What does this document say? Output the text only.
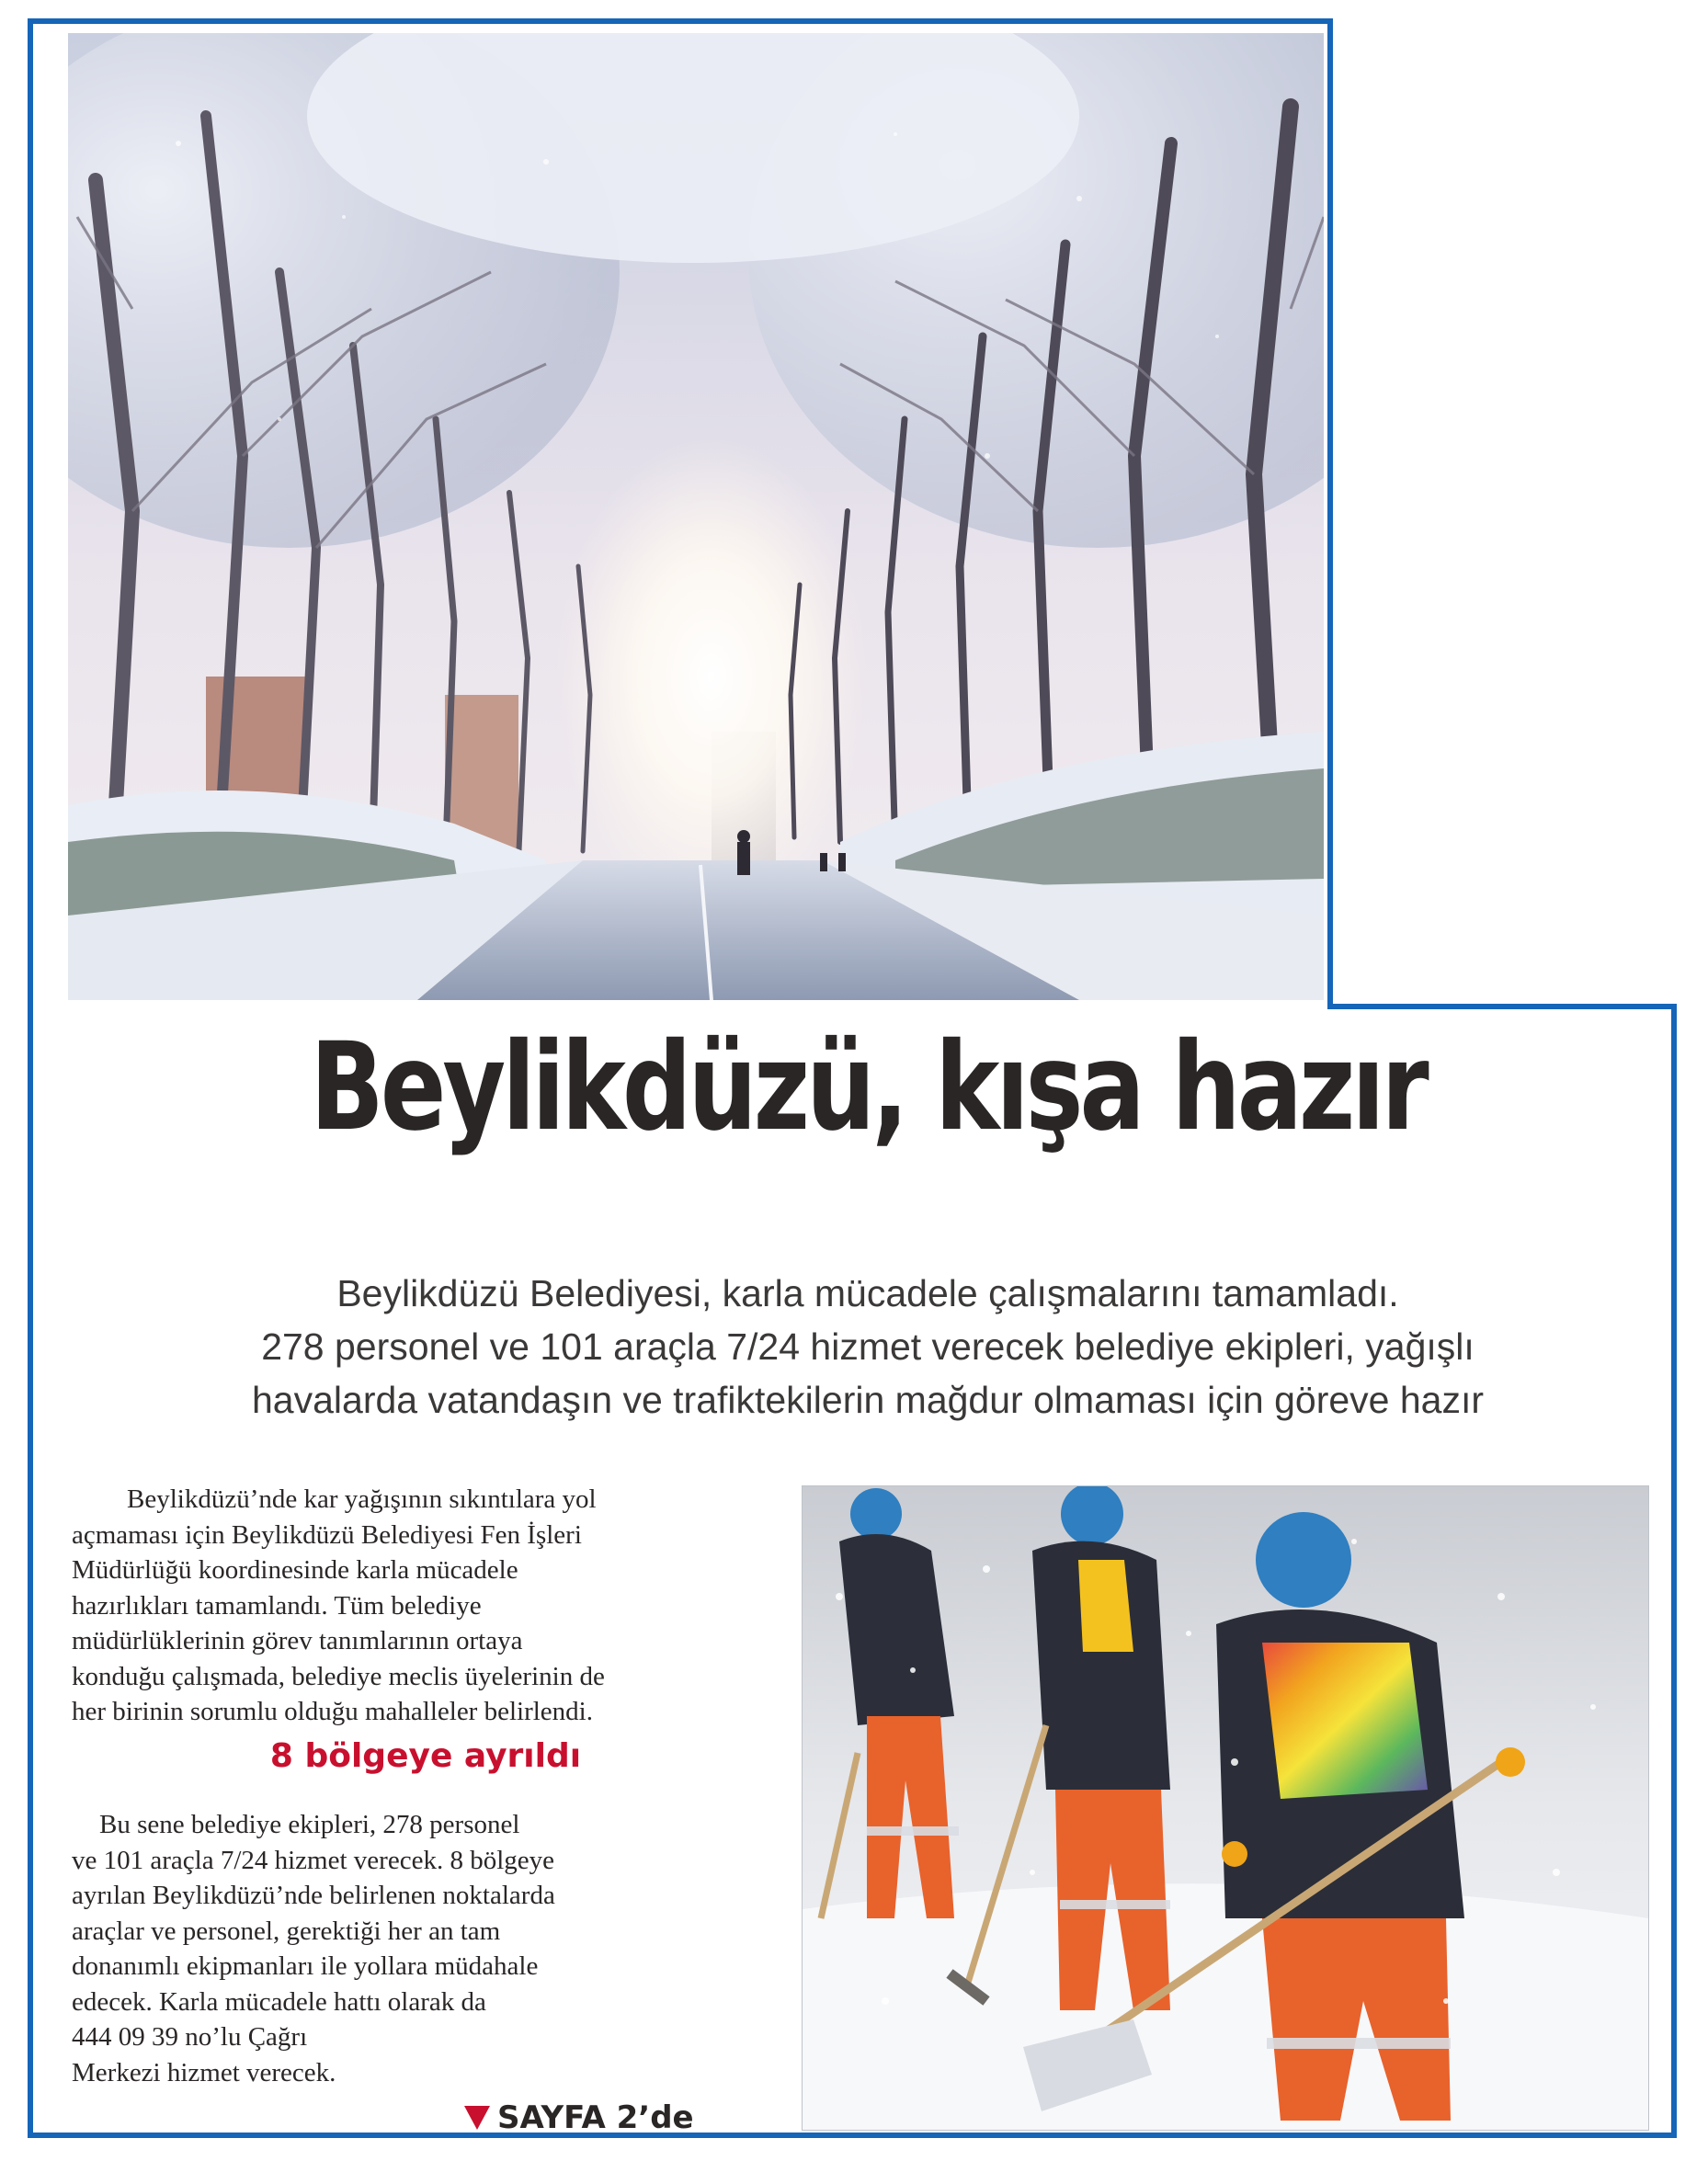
Beylikdüzü, kışa hazır
Beylikdüzü Belediyesi, karla mücadele çalışmalarını tamamladı.
278 personel ve 101 araçla 7/24 hizmet verecek belediye ekipleri, yağışlı
havalarda vatandaşın ve trafiktekilerin mağdur olmaması için göreve hazır
Beylikdüzü’nde kar yağışının sıkıntılara yol
açmaması için Beylikdüzü Belediyesi Fen İşleri
Müdürlüğü koordinesinde karla mücadele
hazırlıkları tamamlandı. Tüm belediye
müdürlüklerinin görev tanımlarının ortaya
konduğu çalışmada, belediye meclis üyelerinin de
her birinin sorumlu olduğu mahalleler belirlendi.
8 bölgeye ayrıldı
Bu sene belediye ekipleri, 278 personel
ve 101 araçla 7/24 hizmet verecek. 8 bölgeye
ayrılan Beylikdüzü’nde belirlenen noktalarda
araçlar ve personel, gerektiği her an tam
donanımlı ekipmanları ile yollara müdahale
edecek. Karla mücadele hattı olarak da
444 09 39 no’lu Çağrı
Merkezi hizmet verecek.
SAYFA 2’de
